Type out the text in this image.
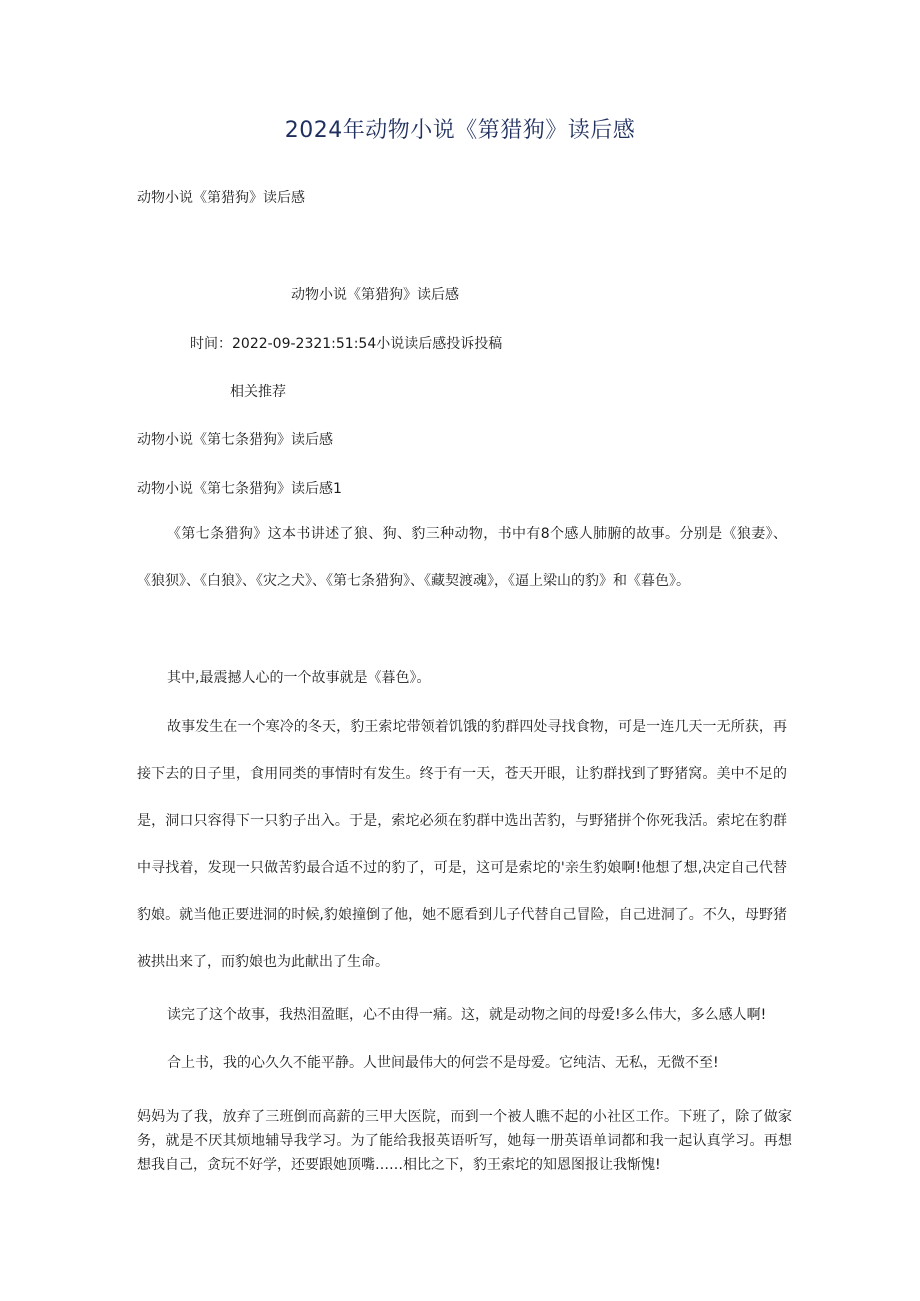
2024年动物小说《第猎狗》读后感
动物小说《第猎狗》读后感
动物小说《第猎狗》读后感
时间：2022-09-2321:51:54小说读后感投诉投稿
相关推荐
动物小说《第七条猎狗》读后感
动物小说《第七条猎狗》读后感1
《第七条猎狗》这本书讲述了狼、狗、豹三种动物，书中有8个感人肺腑的故事。分别是《狼妻》、《狼狈》、《白狼》、《灾之犬》、《第七条猎狗》、《藏契渡魂》，《逼上梁山的豹》和《暮色》。
其中,最震撼人心的一个故事就是《暮色》。
故事发生在一个寒冷的冬天，豹王索坨带领着饥饿的豹群四处寻找食物，可是一连几天一无所获，再接下去的日子里，食用同类的事情时有发生。终于有一天，苍天开眼，让豹群找到了野猪窝。美中不足的是，洞口只容得下一只豹子出入。于是，索坨必须在豹群中选出苦豹，与野猪拼个你死我活。索坨在豹群中寻找着，发现一只做苦豹最合适不过的豹了，可是，这可是索坨的'亲生豹娘啊!他想了想,决定自己代替豹娘。就当他正要进洞的时候,豹娘撞倒了他，她不愿看到儿子代替自己冒险，自己进洞了。不久，母野猪被拱出来了，而豹娘也为此献出了生命。
读完了这个故事，我热泪盈眶，心不由得一痛。这，就是动物之间的母爱!多么伟大，多么感人啊!
合上书，我的心久久不能平静。人世间最伟大的何尝不是母爱。它纯洁、无私，无微不至!
妈妈为了我，放弃了三班倒而高薪的三甲大医院，而到一个被人瞧不起的小社区工作。下班了，除了做家务，就是不厌其烦地辅导我学习。为了能给我报英语听写，她每一册英语单词都和我一起认真学习。再想想我自己，贪玩不好学，还要跟她顶嘴……相比之下，豹王索坨的知恩图报让我惭愧!
